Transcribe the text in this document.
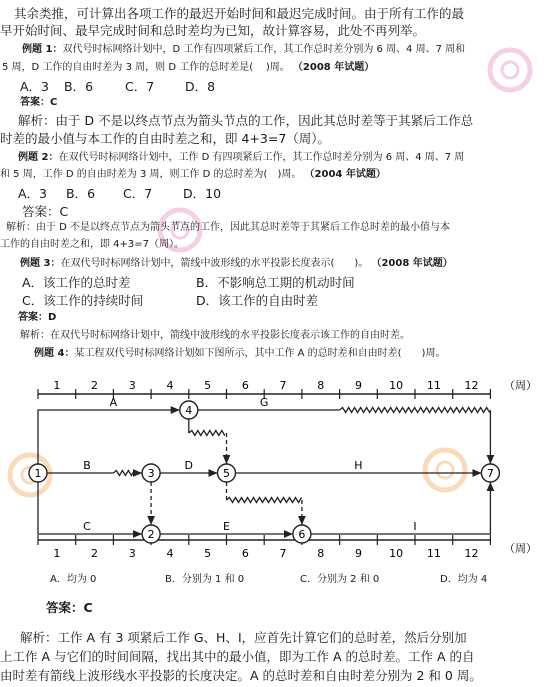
其余类推，可计算出各项工作的最迟开始时间和最迟完成时间。由于所有工作的最
早开始时间、最早完成时间和总时差均为已知，故计算容易，此处不再列举。
例题 1：双代号时标网络计划中，D 工作有四项紧后工作，其工作总时差分别为 6 周、4 周、7 周和
5 周，D 工作的自由时差为 3 周，则 D 工作的总时差是( )周。 （2008 年试题）
A．3 B．6	C．7 D．8
答案：C
解析：由于 D 不是以终点节点为箭头节点的工作，因此其总时差等于其紧后工作总
时差的最小值与本工作的自由时差之和，即 4+3=7（周）。
例题 2：在双代号时标网络计划中，工作 D 有四项紧后工作，其工作总时差分别为 6 周、4 周、7 周
和 5 周，工作 D 的自由时差为 3 周，则工作 D 的总时差为(　)周。 （2004 年试题）
A．3 B．6 C．7 D．10
答案：C
解析：由于 D 不是以终点节点为箭头节点的工作，因此其总时差等于其紧后工作总时差的最小值与本
工作的自由时差之和，即 4+3=7（周）。
例题 3：在双代号时标网络计划中，箭线中波形线的水平投影长度表示(　　)。 （2008 年试题）
A．该工作的总时差	B．不影响总工期的机动时间
C．该工作的持续时间	D．该工作的自由时差
答案：D
解析：在双代号时标网络计划中，箭线中波形线的水平投影长度表示该工作的自由时差。
例题 4：某工程双代号时标网络计划如下图所示，其中工作 A 的总时差和自由时差(　　)周。
1	2	3	4	5	6	7	8	9 10 11 12
1	2	3	4	5	6	7	8	9 10 11 12
（周）
（周）
A	G
B	D	H
C	E	I
1
2
3
4
5
6
7
A．均为 0	B．分别为 1 和 0	C．分别为 2 和 0	D．均为 4
答案：C
解析：工作 A 有 3 项紧后工作 G、H、I，应首先计算它们的总时差，然后分别加
上工作 A 与它们的时间间隔，找出其中的最小值，即为工作 A 的总时差。工作 A 的自
由时差有箭线上波形线水平投影的长度决定。A 的总时差和自由时差分别为 2 和 0 周。
